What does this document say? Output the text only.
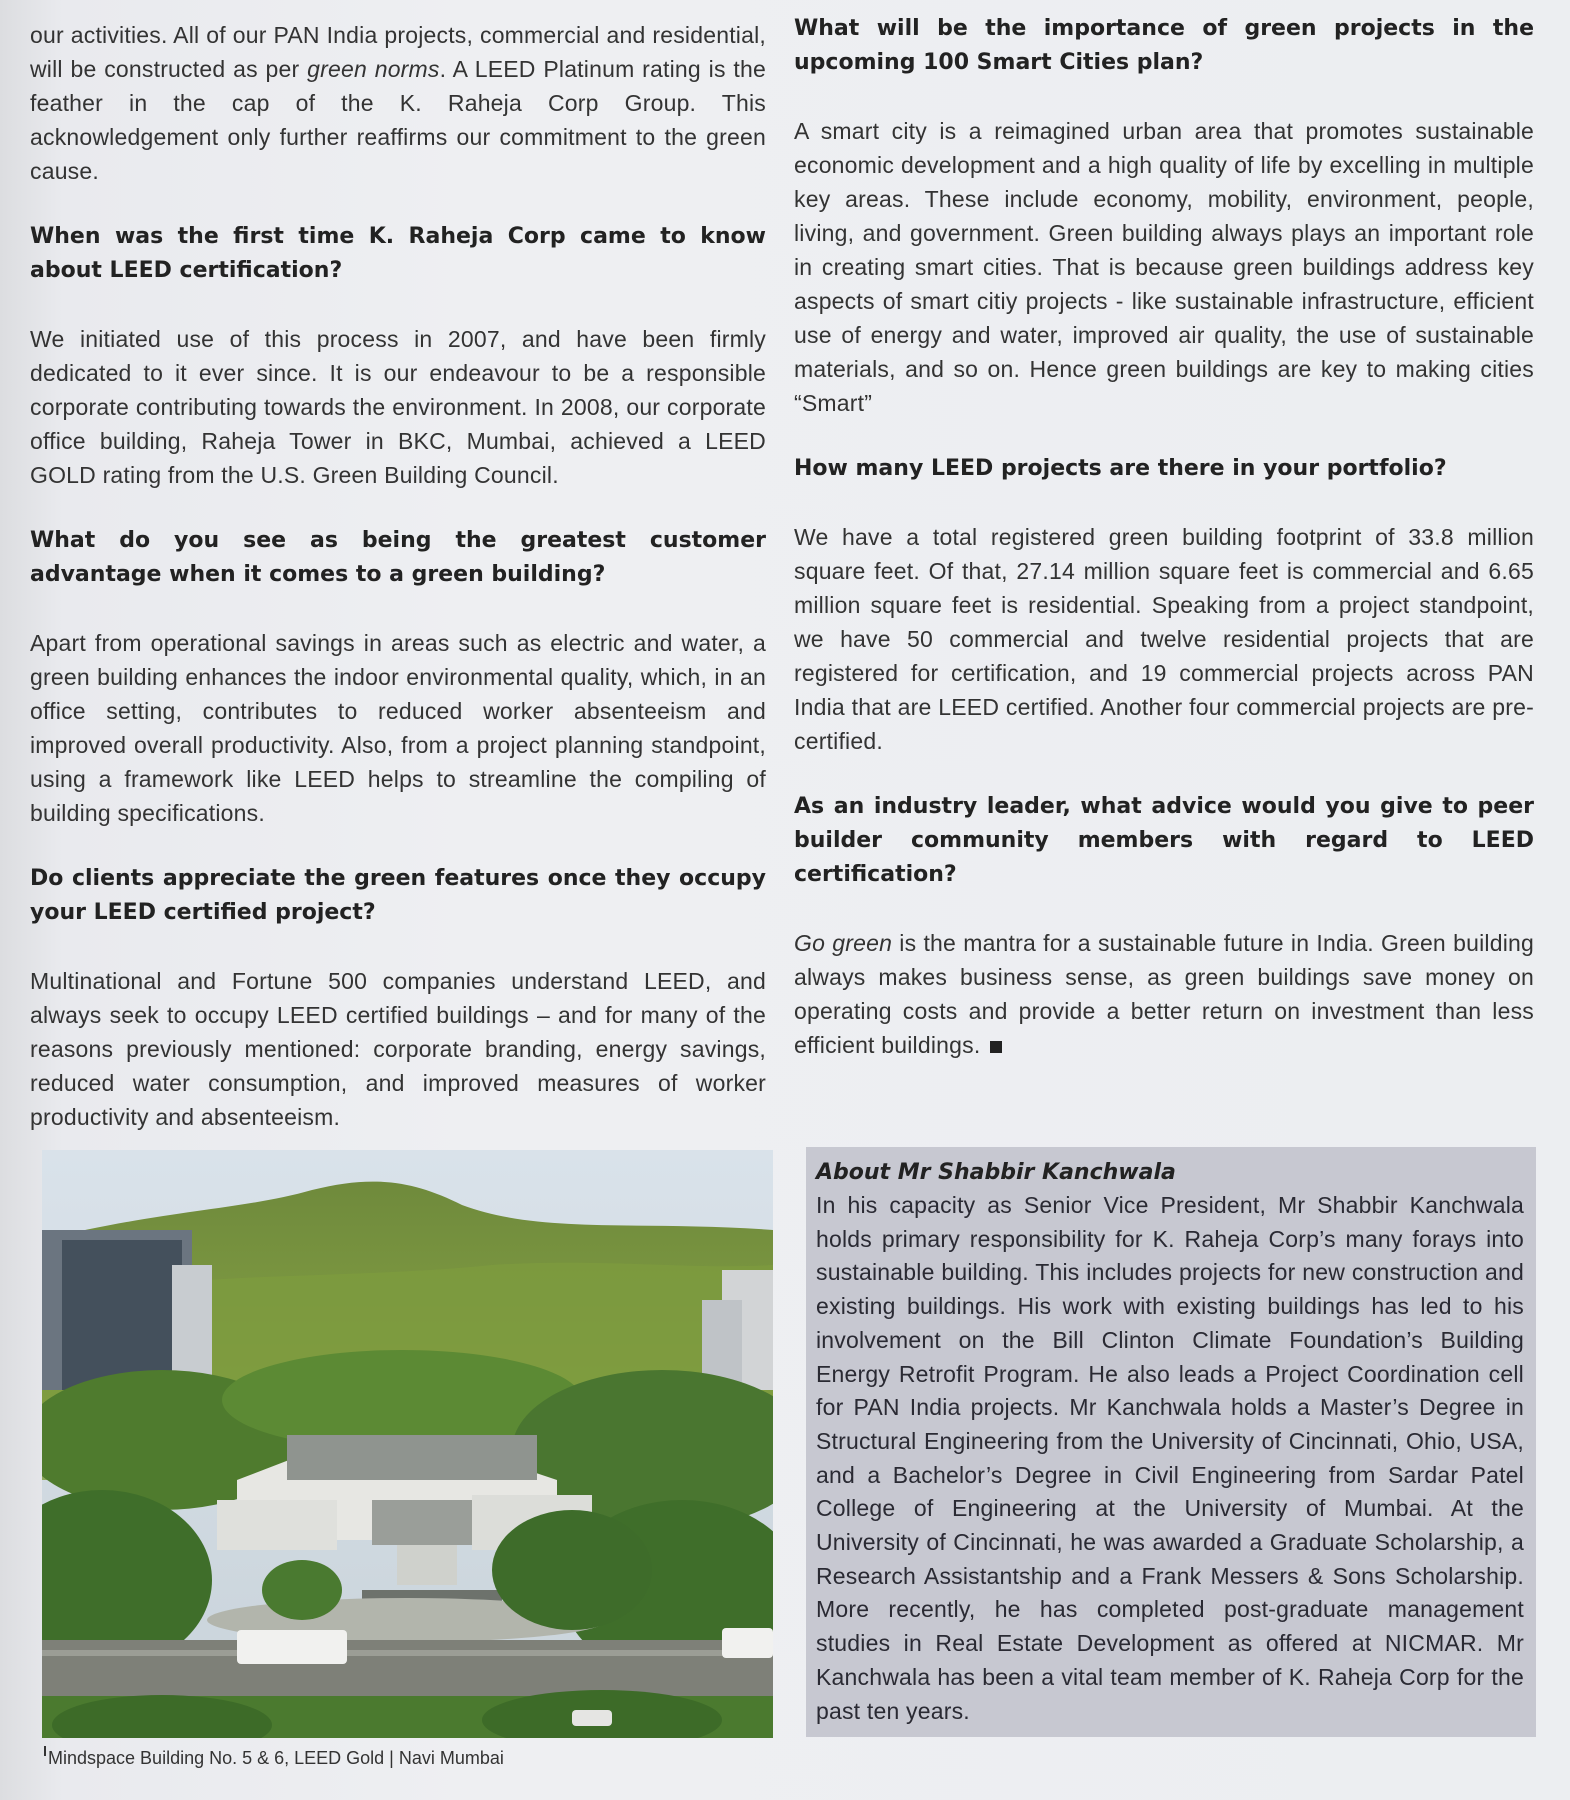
our activities. All of our PAN India projects, commercial and residential, will be constructed as per green norms. A LEED Platinum rating is the feather in the cap of the K. Raheja Corp Group. This acknowledgement only further reaffirms our commitment to the green cause.

When was the first time K. Raheja Corp came to know about LEED certification?

We initiated use of this process in 2007, and have been firmly dedicated to it ever since. It is our endeavour to be a responsible corporate contributing towards the environment. In 2008, our corporate office building, Raheja Tower in BKC, Mumbai, achieved a LEED GOLD rating from the U.S. Green Building Council.

What do you see as being the greatest customer advantage when it comes to a green building?

Apart from operational savings in areas such as electric and water, a green building enhances the indoor environmental quality, which, in an office setting, contributes to reduced worker absenteeism and improved overall productivity. Also, from a project planning standpoint, using a framework like LEED helps to streamline the compiling of building specifications.

Do clients appreciate the green features once they occupy your LEED certified project?

Multinational and Fortune 500 companies understand LEED, and always seek to occupy LEED certified buildings – and for many of the reasons previously mentioned: corporate branding, energy savings, reduced water consumption, and improved measures of worker productivity and absenteeism.

What will be the importance of green projects in the upcoming 100 Smart Cities plan?

A smart city is a reimagined urban area that promotes sustainable economic development and a high quality of life by excelling in multiple key areas. These include economy, mobility, environment, people, living, and government. Green building always plays an important role in creating smart cities. That is because green buildings address key aspects of smart citiy projects - like sustainable infrastructure, efficient use of energy and water, improved air quality, the use of sustainable materials, and so on. Hence green buildings are key to making cities “Smart”

How many LEED projects are there in your portfolio?

We have a total registered green building footprint of 33.8 million square feet. Of that, 27.14 million square feet is commercial and 6.65 million square feet is residential. Speaking from a project standpoint, we have 50 commercial and twelve residential projects that are registered for certification, and 19 commercial projects across PAN India that are LEED certified. Another four commercial projects are pre-certified.

As an industry leader, what advice would you give to peer builder community members with regard to LEED certification?

Go green is the mantra for a sustainable future in India. Green building always makes business sense, as green buildings save money on operating costs and provide a better return on investment than less efficient buildings.

Mindspace Building No. 5 & 6, LEED Gold | Navi Mumbai
About Mr Shabbir Kanchwala

In his capacity as Senior Vice President, Mr Shabbir Kanchwala holds primary responsibility for K. Raheja Corp’s many forays into sustainable building. This includes projects for new construction and existing buildings. His work with existing buildings has led to his involvement on the Bill Clinton Climate Foundation’s Building Energy Retrofit Program. He also leads a Project Coordination cell for PAN India projects. Mr Kanchwala holds a Master’s Degree in Structural Engineering from the University of Cincinnati, Ohio, USA, and a Bachelor’s Degree in Civil Engineering from Sardar Patel College of Engineering at the University of Mumbai. At the University of Cincinnati, he was awarded a Graduate Scholarship, a Research Assistantship and a Frank Messers & Sons Scholarship. More recently, he has completed post-graduate management studies in Real Estate Development as offered at NICMAR. Mr Kanchwala has been a vital team member of K. Raheja Corp for the past ten years.
